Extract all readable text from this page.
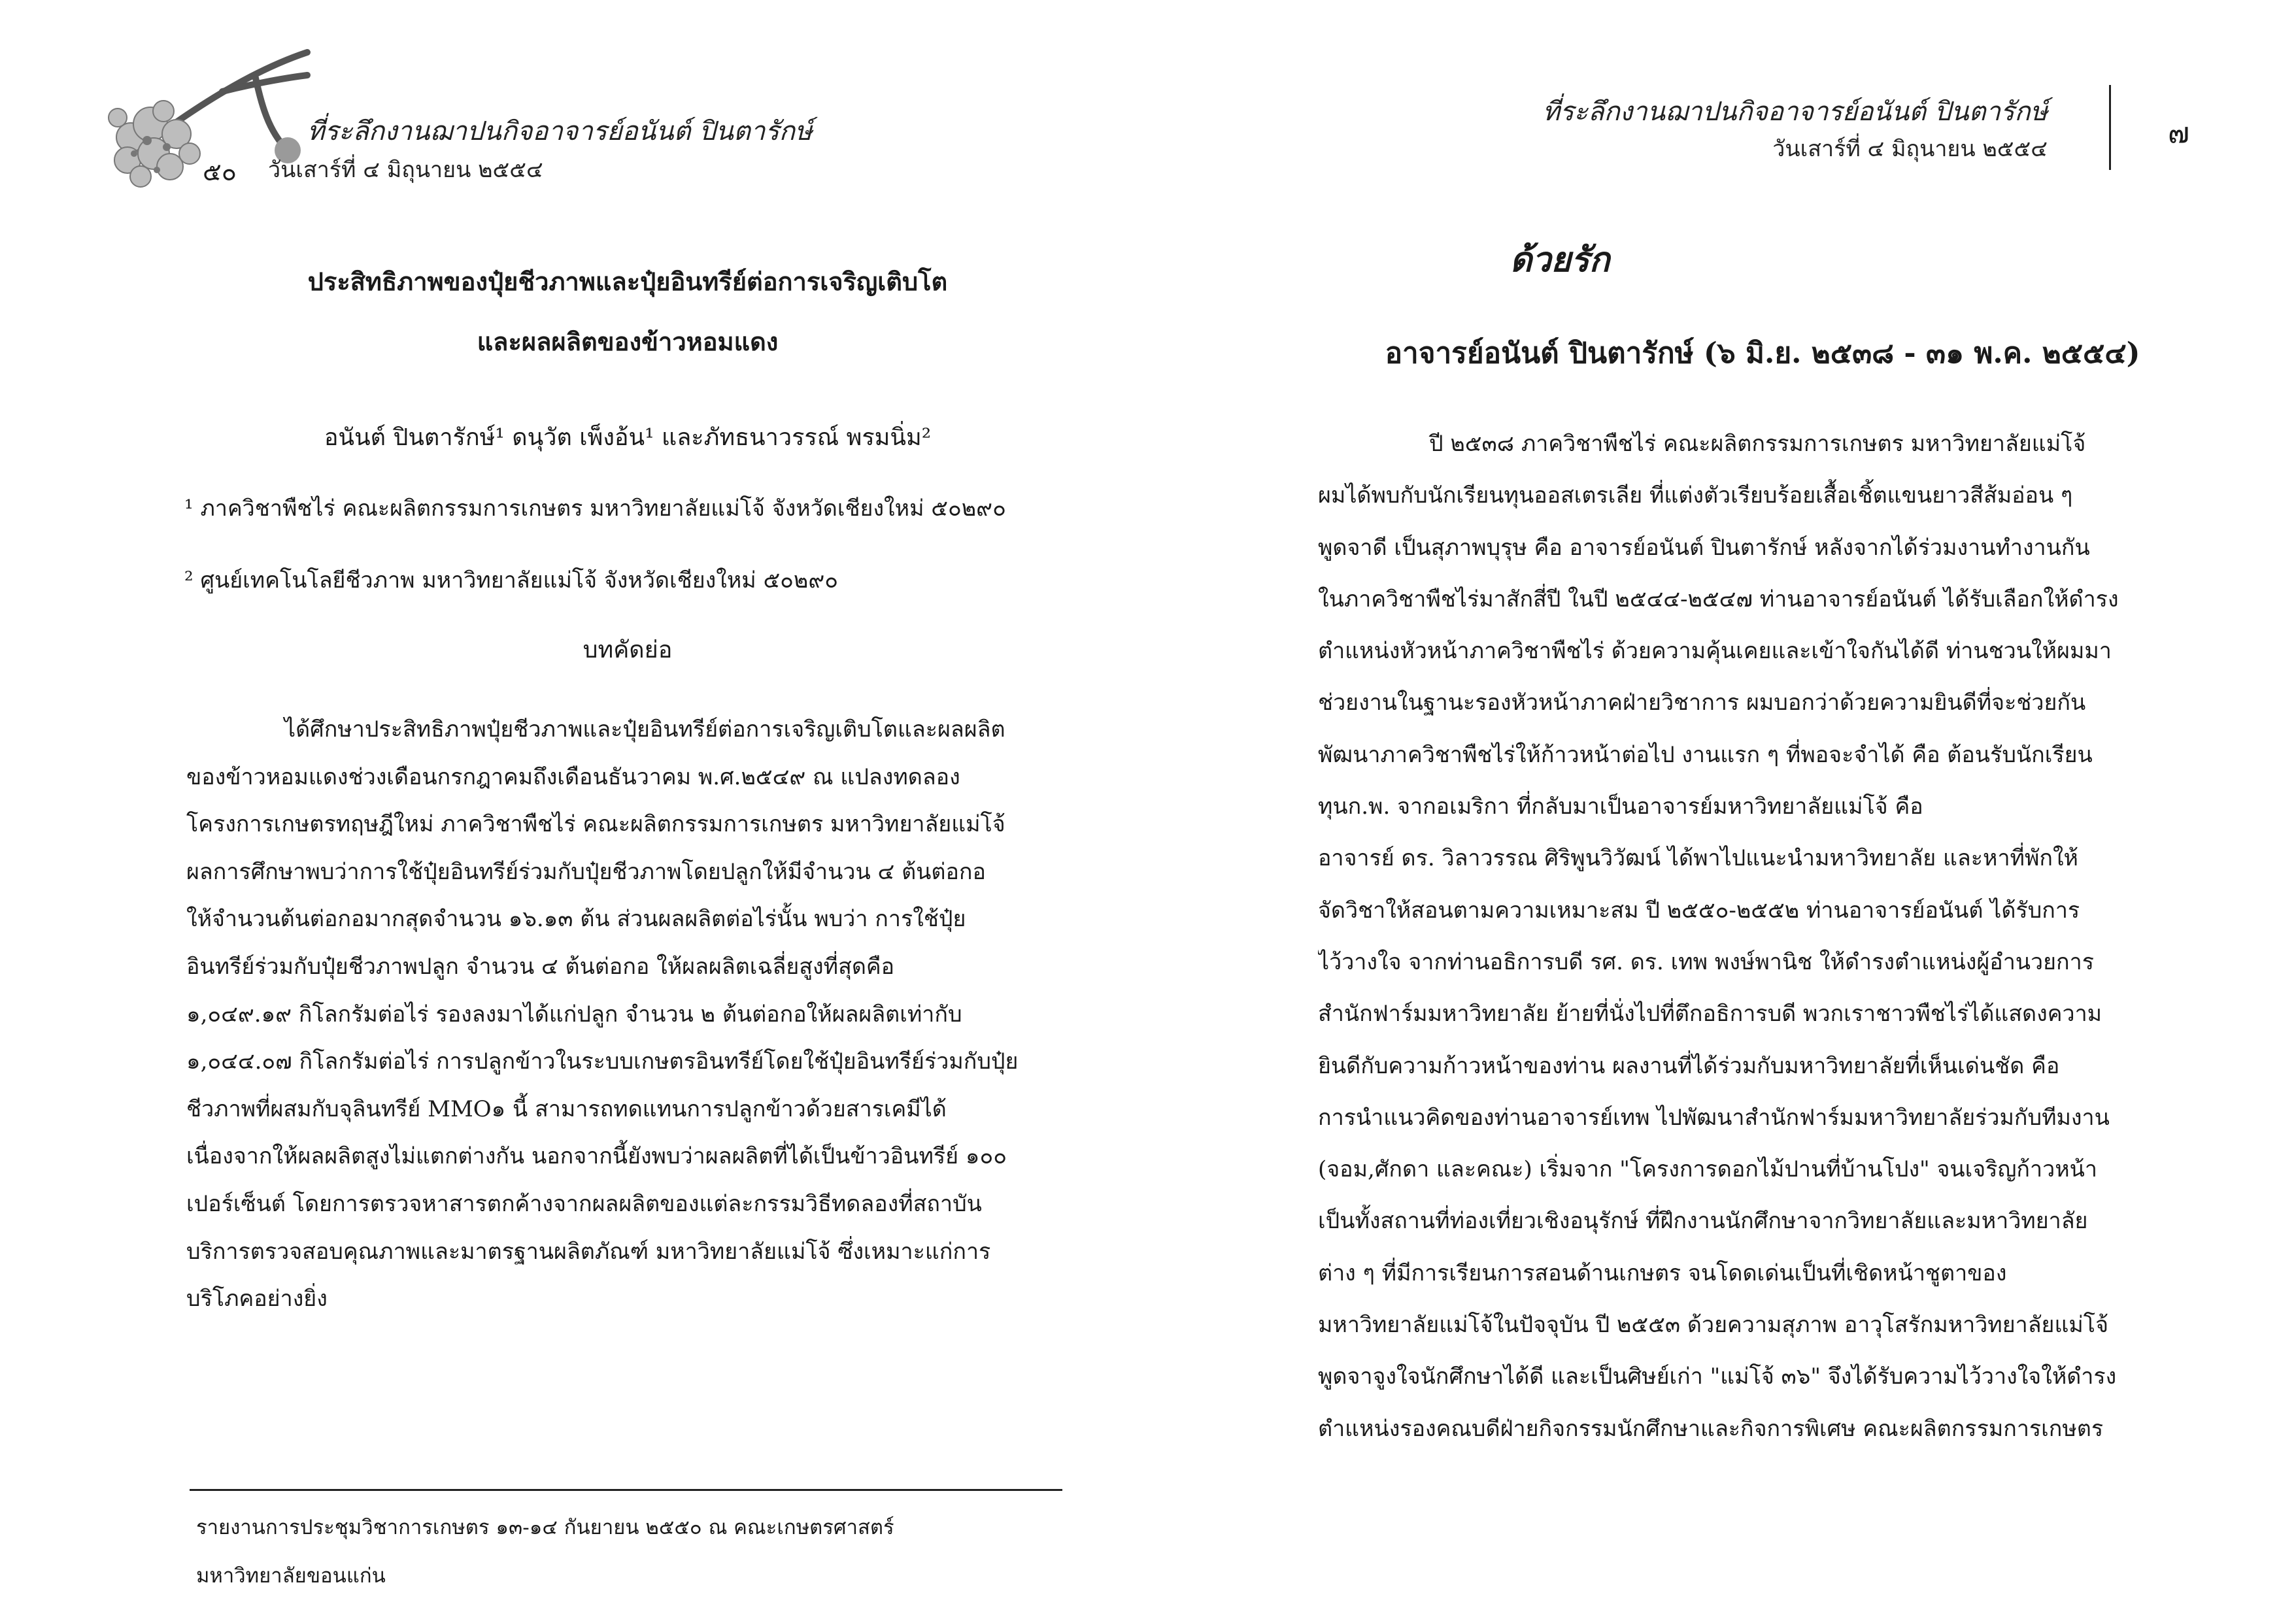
ที่ระลึกงานฌาปนกิจอาจารย์อนันต์ ปินตารักษ์
๕๐ วันเสาร์ที่ ๔ มิถุนายน ๒๕๕๔
ประสิทธิภาพของปุ๋ยชีวภาพและปุ๋ยอินทรีย์ต่อการเจริญเติบโต
และผลผลิตของข้าวหอมแดง
อนันต์ ปินตารักษ์¹ ดนุวัต เพ็งอ้น¹ และภัทธนาวรรณ์ พรมนิ่ม²
¹ ภาควิชาพืชไร่ คณะผลิตกรรมการเกษตร มหาวิทยาลัยแม่โจ้ จังหวัดเชียงใหม่ ๕๐๒๙๐
² ศูนย์เทคโนโลยีชีวภาพ มหาวิทยาลัยแม่โจ้ จังหวัดเชียงใหม่ ๕๐๒๙๐
บทคัดย่อ
ได้ศึกษาประสิทธิภาพปุ๋ยชีวภาพและปุ๋ยอินทรีย์ต่อการเจริญเติบโตและผลผลิต
ของข้าวหอมแดงช่วงเดือนกรกฎาคมถึงเดือนธันวาคม พ.ศ.๒๕๔๙ ณ แปลงทดลอง
โครงการเกษตรทฤษฎีใหม่ ภาควิชาพืชไร่ คณะผลิตกรรมการเกษตร มหาวิทยาลัยแม่โจ้
ผลการศึกษาพบว่าการใช้ปุ๋ยอินทรีย์ร่วมกับปุ๋ยชีวภาพโดยปลูกให้มีจำนวน ๔ ต้นต่อกอ
ให้จำนวนต้นต่อกอมากสุดจำนวน ๑๖.๑๓ ต้น ส่วนผลผลิตต่อไร่นั้น พบว่า การใช้ปุ๋ย
อินทรีย์ร่วมกับปุ๋ยชีวภาพปลูก จำนวน ๔ ต้นต่อกอ ให้ผลผลิตเฉลี่ยสูงที่สุดคือ
๑,๐๔๙.๑๙ กิโลกรัมต่อไร่ รองลงมาได้แก่ปลูก จำนวน ๒ ต้นต่อกอให้ผลผลิตเท่ากับ
๑,๐๔๔.๐๗ กิโลกรัมต่อไร่ การปลูกข้าวในระบบเกษตรอินทรีย์โดยใช้ปุ๋ยอินทรีย์ร่วมกับปุ๋ย
ชีวภาพที่ผสมกับจุลินทรีย์ MMO๑ นี้ สามารถทดแทนการปลูกข้าวด้วยสารเคมีได้
เนื่องจากให้ผลผลิตสูงไม่แตกต่างกัน นอกจากนี้ยังพบว่าผลผลิตที่ได้เป็นข้าวอินทรีย์ ๑๐๐
เปอร์เซ็นต์ โดยการตรวจหาสารตกค้างจากผลผลิตของแต่ละกรรมวิธีทดลองที่สถาบัน
บริการตรวจสอบคุณภาพและมาตรฐานผลิตภัณฑ์ มหาวิทยาลัยแม่โจ้ ซึ่งเหมาะแก่การ
บริโภคอย่างยิ่ง
รายงานการประชุมวิชาการเกษตร ๑๓-๑๔ กันยายน ๒๕๕๐ ณ คณะเกษตรศาสตร์
มหาวิทยาลัยขอนแก่น
ที่ระลึกงานฌาปนกิจอาจารย์อนันต์ ปินตารักษ์
วันเสาร์ที่ ๔ มิถุนายน ๒๕๕๔	๗
ด้วยรัก
อาจารย์อนันต์ ปินตารักษ์ (๖ มิ.ย. ๒๕๓๘ - ๓๑ พ.ค. ๒๕๕๔)
ปี ๒๕๓๘ ภาควิชาพืชไร่ คณะผลิตกรรมการเกษตร มหาวิทยาลัยแม่โจ้
ผมได้พบกับนักเรียนทุนออสเตรเลีย ที่แต่งตัวเรียบร้อยเสื้อเชิ้ตแขนยาวสีส้มอ่อน ๆ
พูดจาดี เป็นสุภาพบุรุษ คือ อาจารย์อนันต์ ปินตารักษ์ หลังจากได้ร่วมงานทำงานกัน
ในภาควิชาพืชไร่มาสักสี่ปี ในปี ๒๕๔๔-๒๕๔๗ ท่านอาจารย์อนันต์ ได้รับเลือกให้ดำรง
ตำแหน่งหัวหน้าภาควิชาพืชไร่ ด้วยความคุ้นเคยและเข้าใจกันได้ดี ท่านชวนให้ผมมา
ช่วยงานในฐานะรองหัวหน้าภาคฝ่ายวิชาการ ผมบอกว่าด้วยความยินดีที่จะช่วยกัน
พัฒนาภาควิชาพืชไร่ให้ก้าวหน้าต่อไป งานแรก ๆ ที่พอจะจำได้ คือ ต้อนรับนักเรียน
ทุนก.พ. จากอเมริกา ที่กลับมาเป็นอาจารย์มหาวิทยาลัยแม่โจ้ คือ
อาจารย์ ดร. วิลาวรรณ ศิริพูนวิวัฒน์ ได้พาไปแนะนำมหาวิทยาลัย และหาที่พักให้
จัดวิชาให้สอนตามความเหมาะสม ปี ๒๕๕๐-๒๕๕๒ ท่านอาจารย์อนันต์ ได้รับการ
ไว้วางใจ จากท่านอธิการบดี รศ. ดร. เทพ พงษ์พานิช ให้ดำรงตำแหน่งผู้อำนวยการ
สำนักฟาร์มมหาวิทยาลัย ย้ายที่นั่งไปที่ตึกอธิการบดี พวกเราชาวพืชไร่ได้แสดงความ
ยินดีกับความก้าวหน้าของท่าน ผลงานที่ได้ร่วมกับมหาวิทยาลัยที่เห็นเด่นชัด คือ
การนำแนวคิดของท่านอาจารย์เทพ ไปพัฒนาสำนักฟาร์มมหาวิทยาลัยร่วมกับทีมงาน
(จอม,ศักดา และคณะ) เริ่มจาก "โครงการดอกไม้ปานที่บ้านโปง" จนเจริญก้าวหน้า
เป็นทั้งสถานที่ท่องเที่ยวเชิงอนุรักษ์ ที่ฝึกงานนักศึกษาจากวิทยาลัยและมหาวิทยาลัย
ต่าง ๆ ที่มีการเรียนการสอนด้านเกษตร จนโดดเด่นเป็นที่เชิดหน้าชูตาของ
มหาวิทยาลัยแม่โจ้ในปัจจุบัน ปี ๒๕๕๓ ด้วยความสุภาพ อาวุโสรักมหาวิทยาลัยแม่โจ้
พูดจาจูงใจนักศึกษาได้ดี และเป็นศิษย์เก่า "แม่โจ้ ๓๖" จึงได้รับความไว้วางใจให้ดำรง
ตำแหน่งรองคณบดีฝ่ายกิจกรรมนักศึกษาและกิจการพิเศษ คณะผลิตกรรมการเกษตร
